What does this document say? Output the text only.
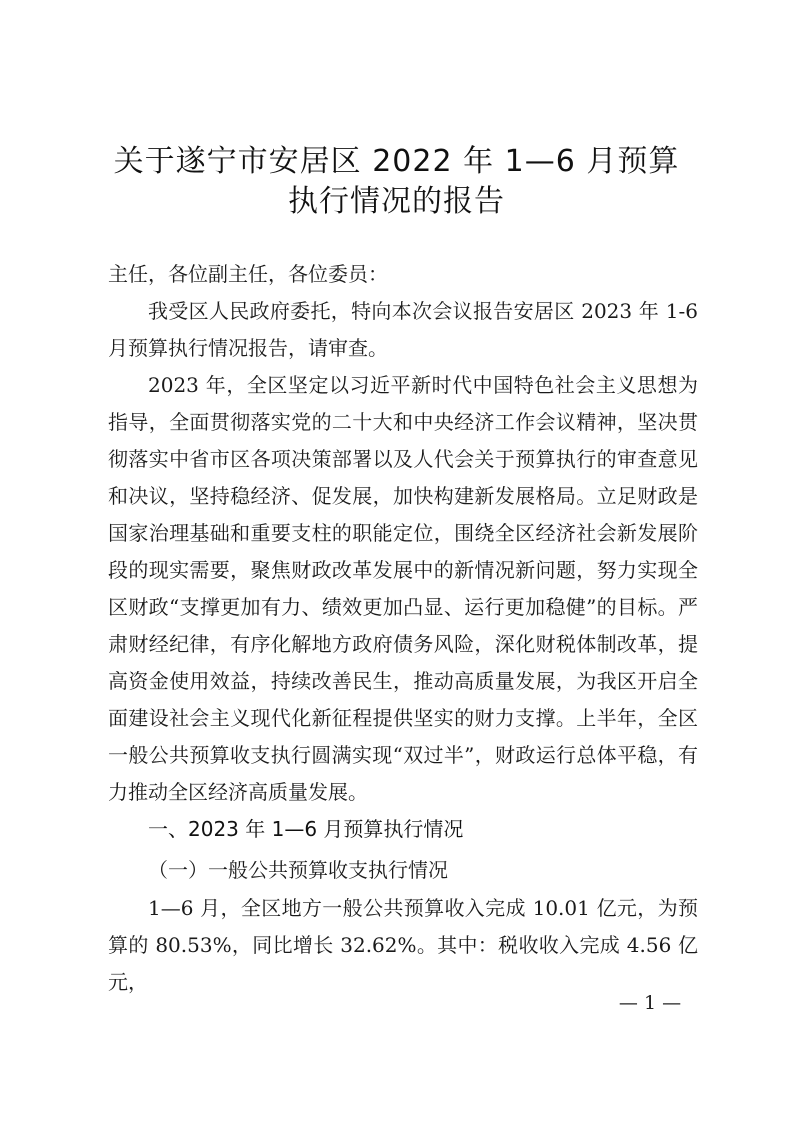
关于遂宁市安居区 2022 年 1—6 月预算
执行情况的报告
主任，各位副主任，各位委员：
我受区人民政府委托，特向本次会议报告安居区 2023 年 1-6 月预算执行情况报告，请审查。
2023 年，全区坚定以习近平新时代中国特色社会主义思想为指导，全面贯彻落实党的二十大和中央经济工作会议精神，坚决贯彻落实中省市区各项决策部署以及人代会关于预算执行的审查意见和决议，坚持稳经济、促发展，加快构建新发展格局。立足财政是国家治理基础和重要支柱的职能定位，围绕全区经济社会新发展阶段的现实需要，聚焦财政改革发展中的新情况新问题，努力实现全区财政“支撑更加有力、绩效更加凸显、运行更加稳健”的目标。严肃财经纪律，有序化解地方政府债务风险，深化财税体制改革，提高资金使用效益，持续改善民生，推动高质量发展，为我区开启全面建设社会主义现代化新征程提供坚实的财力支撑。上半年，全区一般公共预算收支执行圆满实现“双过半”，财政运行总体平稳，有力推动全区经济高质量发展。
一、2023 年 1—6 月预算执行情况
（一）一般公共预算收支执行情况
1—6 月，全区地方一般公共预算收入完成 10.01 亿元，为预算的 80.53%，同比增长 32.62%。其中：税收收入完成 4.56 亿元，
— 1 —
